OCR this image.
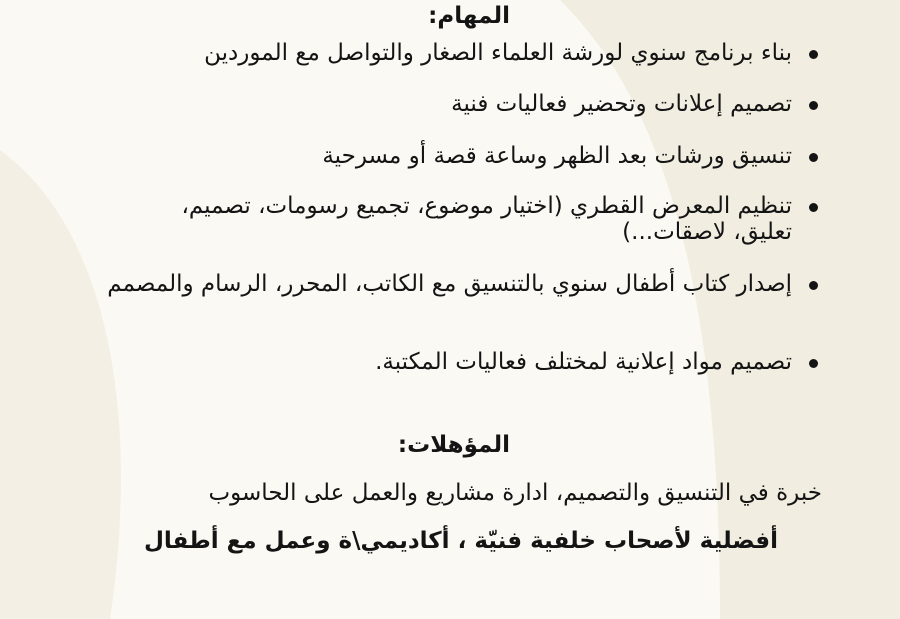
المهام:
بناء برنامج سنوي لورشة العلماء الصغار والتواصل مع الموردين
تصميم إعلانات وتحضير فعاليات فنية
تنسيق ورشات بعد الظهر وساعة قصة أو مسرحية
تنظيم المعرض القطري (اختيار موضوع، تجميع رسومات، تصميم، تعليق، لاصقات...)
إصدار كتاب أطفال سنوي بالتنسيق مع الكاتب، المحرر، الرسام والمصمم
تصميم مواد إعلانية لمختلف فعاليات المكتبة.
المؤهلات:
خبرة في التنسيق والتصميم، ادارة مشاريع والعمل على الحاسوب
أفضلية لأصحاب خلفية فنيّة ، أكاديمي\ة وعمل مع أطفال
